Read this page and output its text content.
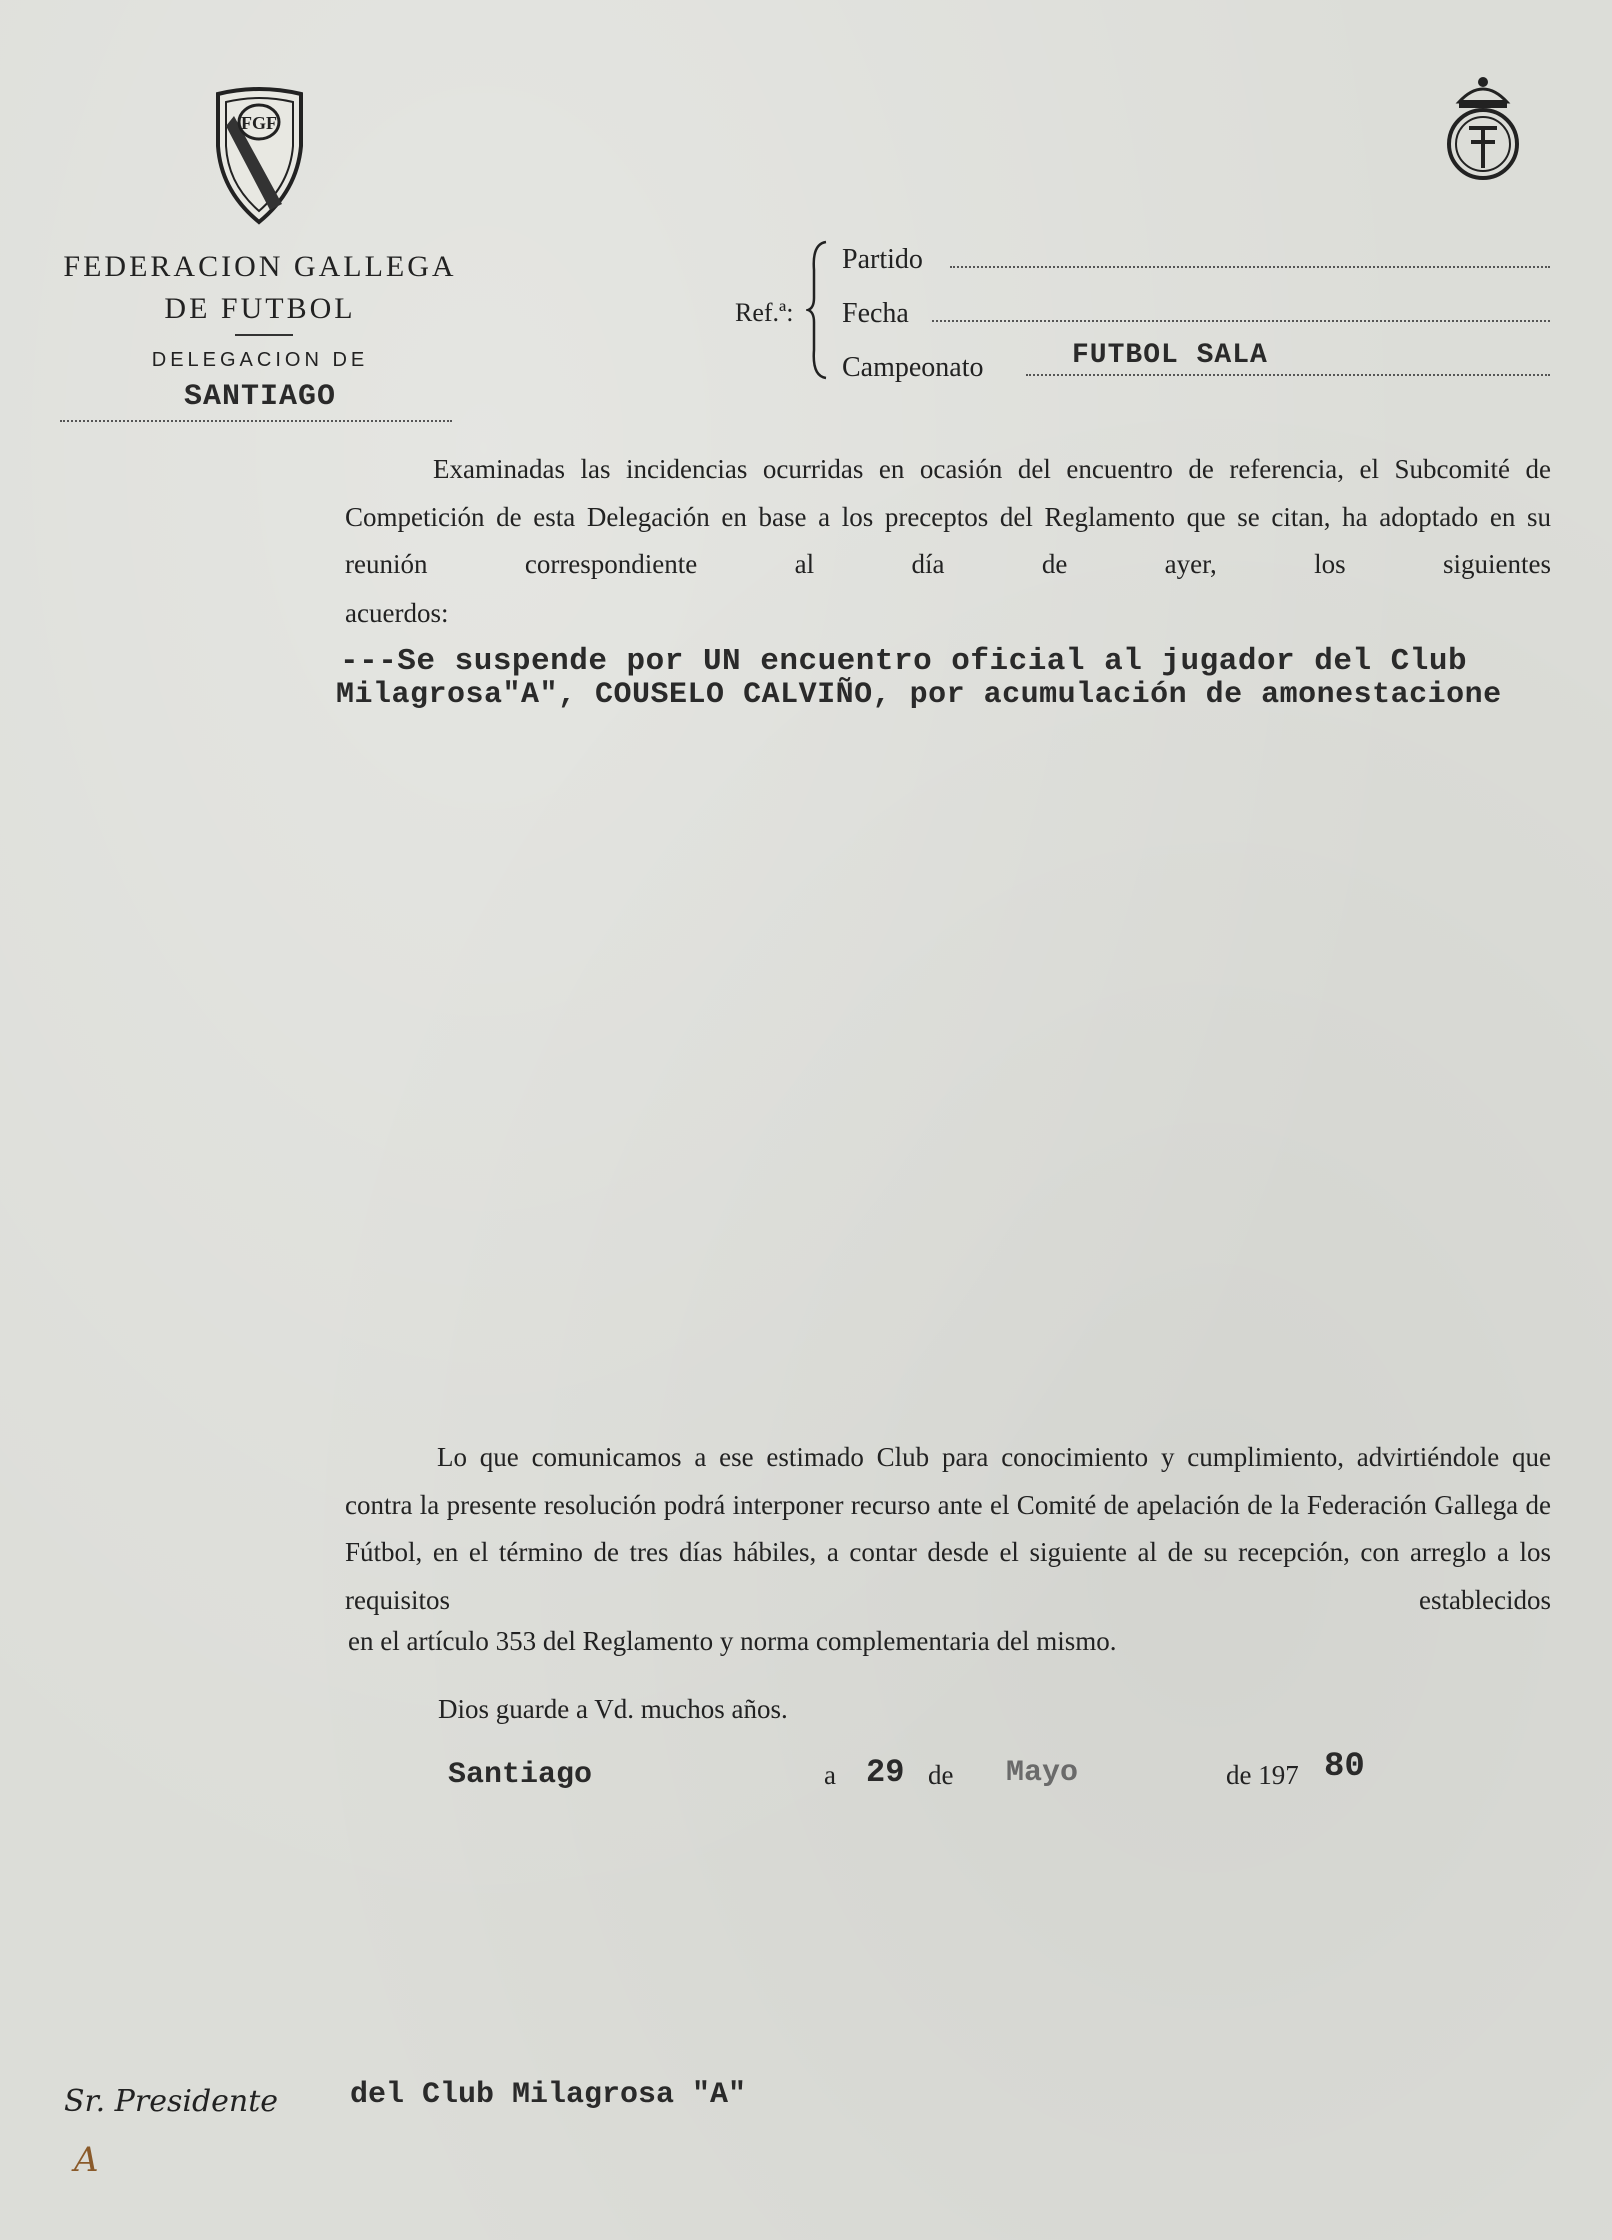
FGF
FEDERACION GALLEGA
DE FUTBOL
DELEGACION DE
SANTIAGO
Ref.ª:
Partido
Fecha
Campeonato	FUTBOL SALA
Examinadas las incidencias ocurridas en ocasión del encuentro de referencia, el Subcomité de Competición de esta Delegación en base a los preceptos del Reglamento que se citan, ha adoptado en su reunión correspondiente al día de ayer, los siguientes
acuerdos:
---Se suspende por UN encuentro oficial al jugador del Club
Milagrosa"A", COUSELO CALVIÑO, por acumulación de amonestacione
Lo que comunicamos a ese estimado Club para conocimiento y cumplimiento, advirtiéndole que contra la presente resolución podrá interponer recurso ante el Comité de apelación de la Federación Gallega de Fútbol, en el término de tres días hábiles, a contar desde el siguiente al de su recepción, con arreglo a los requisitos establecidos
en el artículo 353 del Reglamento y norma complementaria del mismo.
Dios guarde a Vd. muchos años.
Santiago	a 29 de Mayo	de 197 80
Sr. Presidente del Club Milagrosa "A"
A
